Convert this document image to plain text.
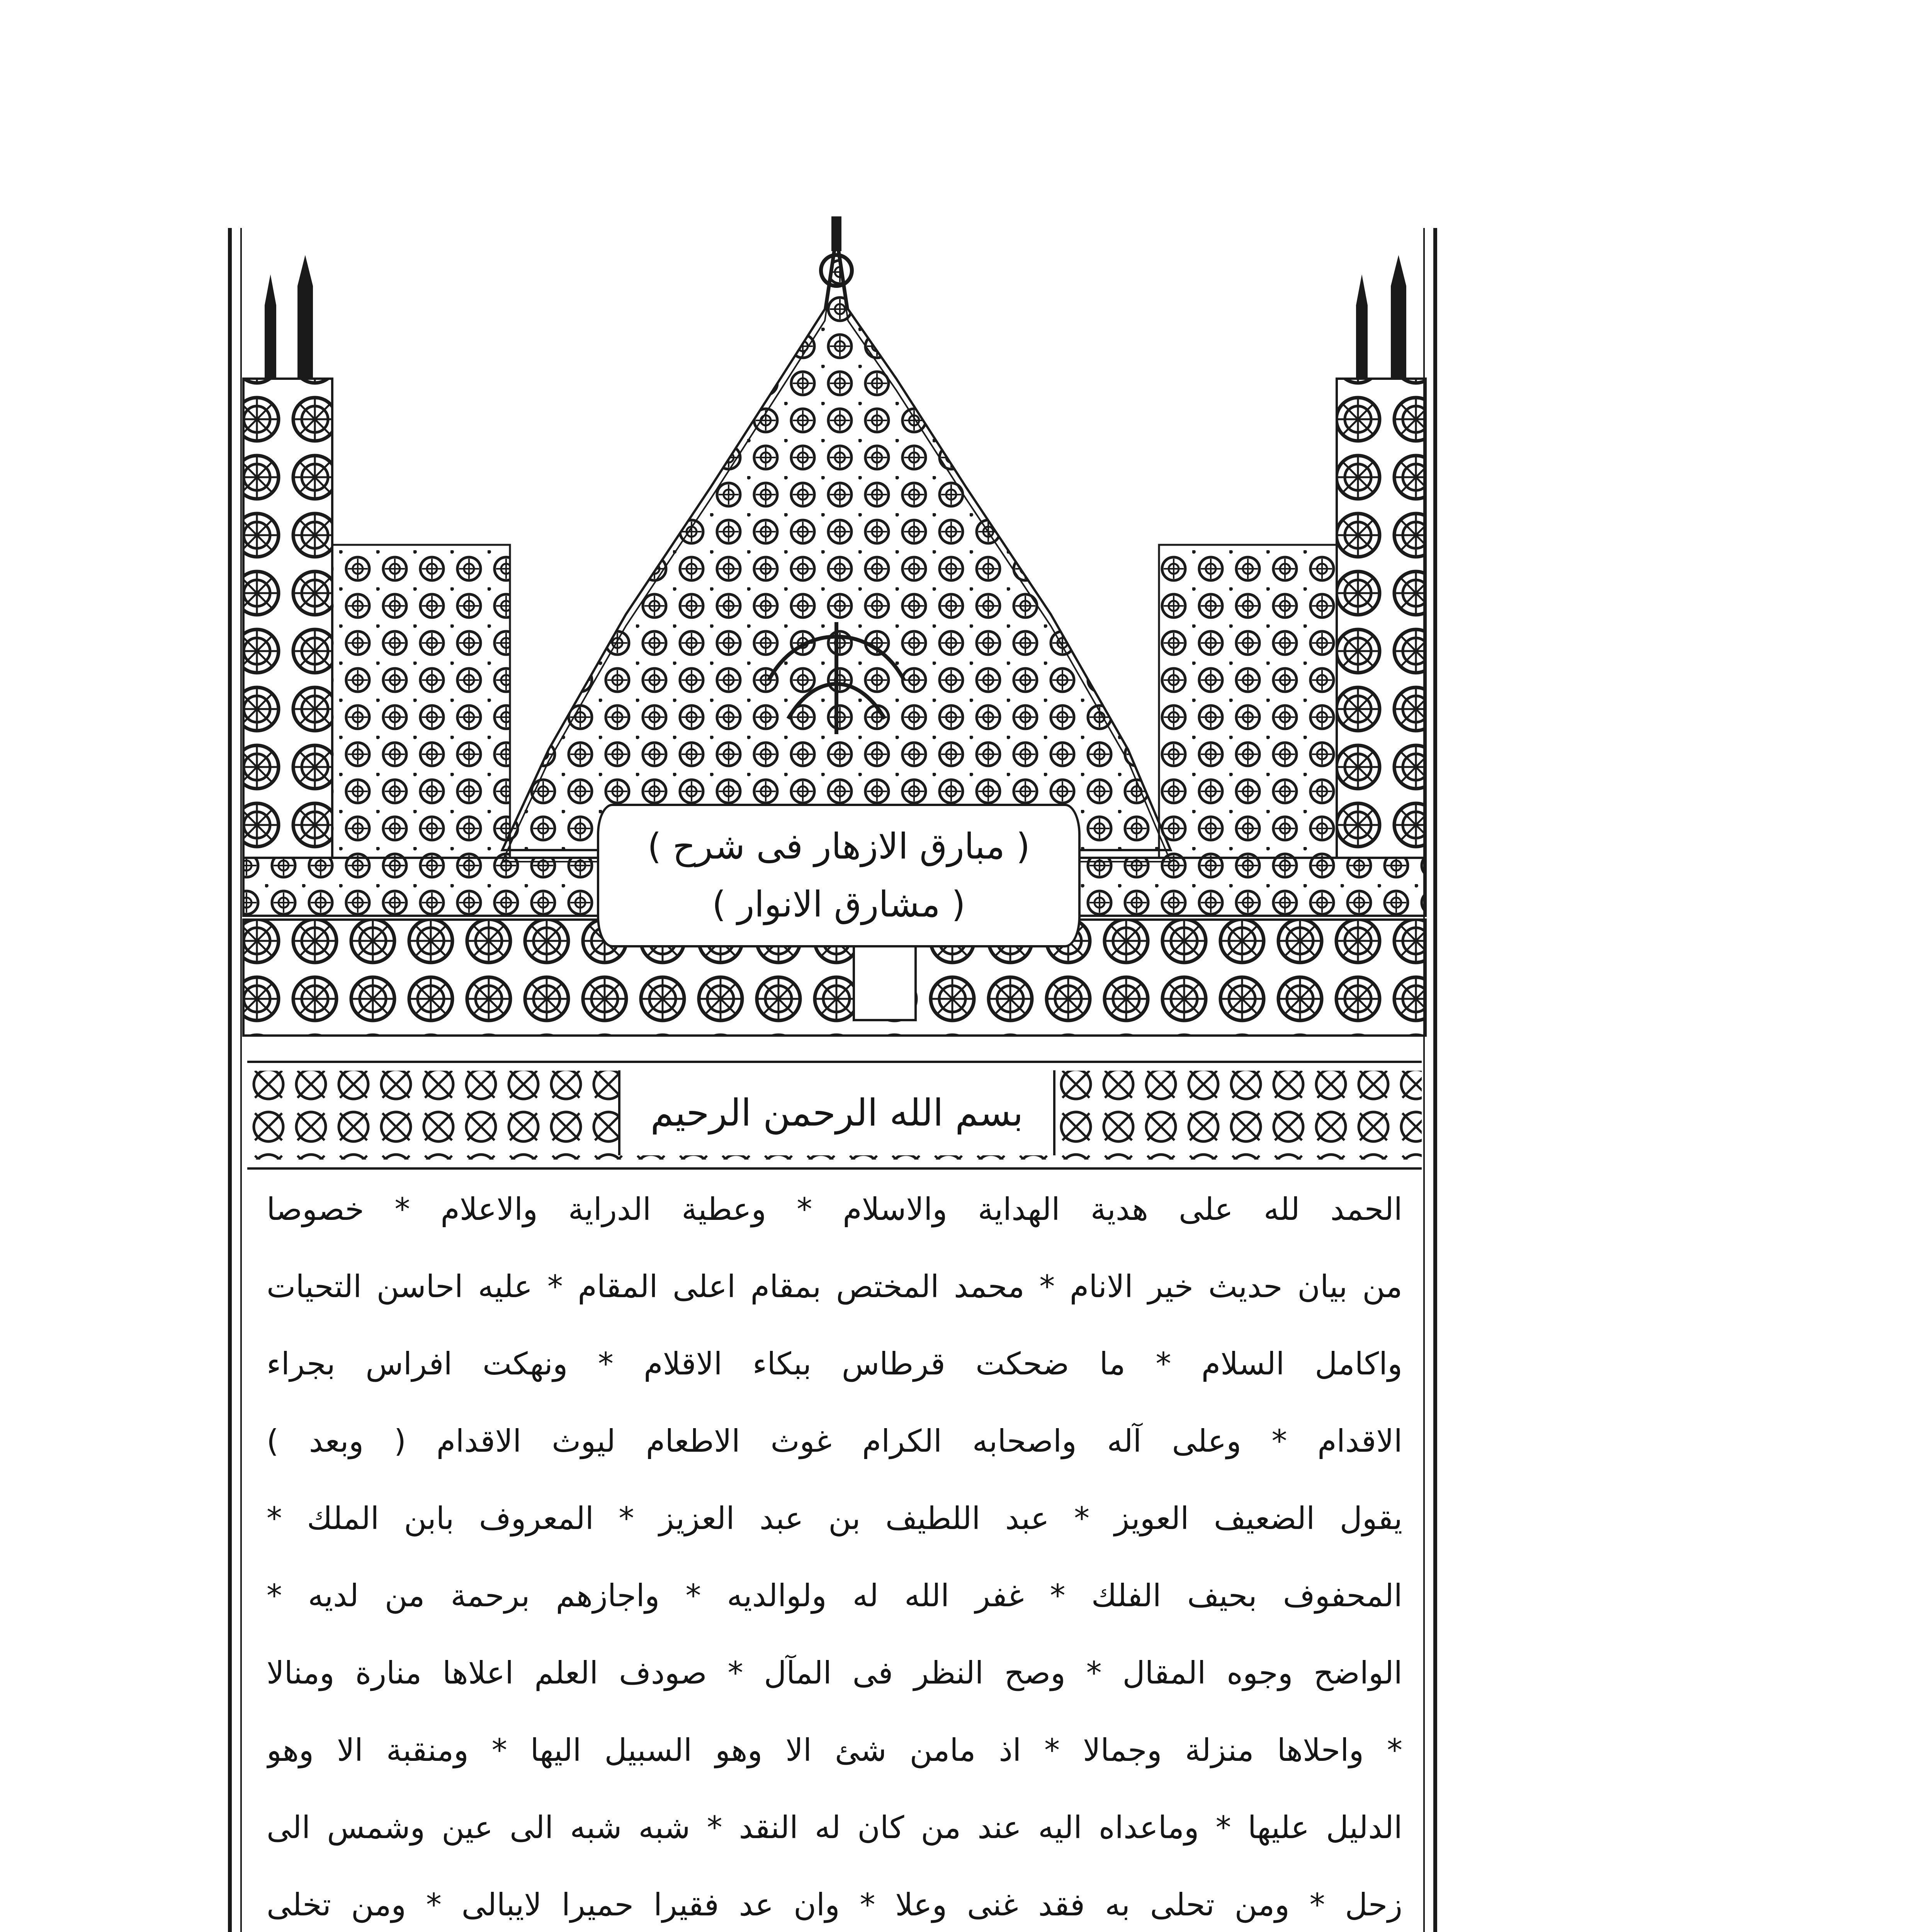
( مبارق الازهار فى شرح )
( مشارق الانوار )
بسم الله الرحمن الرحيم
الحمد لله على هدية الهداية والاسلام * وعطية الدراية والاعلام * خصوصا
من بيان حديث خير الانام * محمد المختص بمقام اعلى المقام * عليه احاسن التحيات
واكامل السلام * ما ضحكت قرطاس ببكاء الاقلام * ونهكت افراس بجراء
الاقدام * وعلى آله واصحابه الكرام غوث الاطعام ليوث الاقدام ( وبعد )
يقول الضعيف العويز * عبد اللطيف بن عبد العزيز * المعروف بابن الملك *
المحفوف بحيف الفلك * غفر الله له ولوالديه * واجازهم برحمة من لديه *
الواضح وجوه المقال * وصح النظر فى المآل * صودف العلم اعلاها منارة ومنالا
* واحلاها منزلة وجمالا * اذ مامن شئ الا وهو السبيل اليها * ومنقبة الا وهو
الدليل عليها * وماعداه اليه عند من كان له النقد * شبه شبه الى عين وشمس الى
زحل * ومن تحلى به فقد غنى وعلا * وان عد فقيرا حميرا لايبالى * ومن تخلى
